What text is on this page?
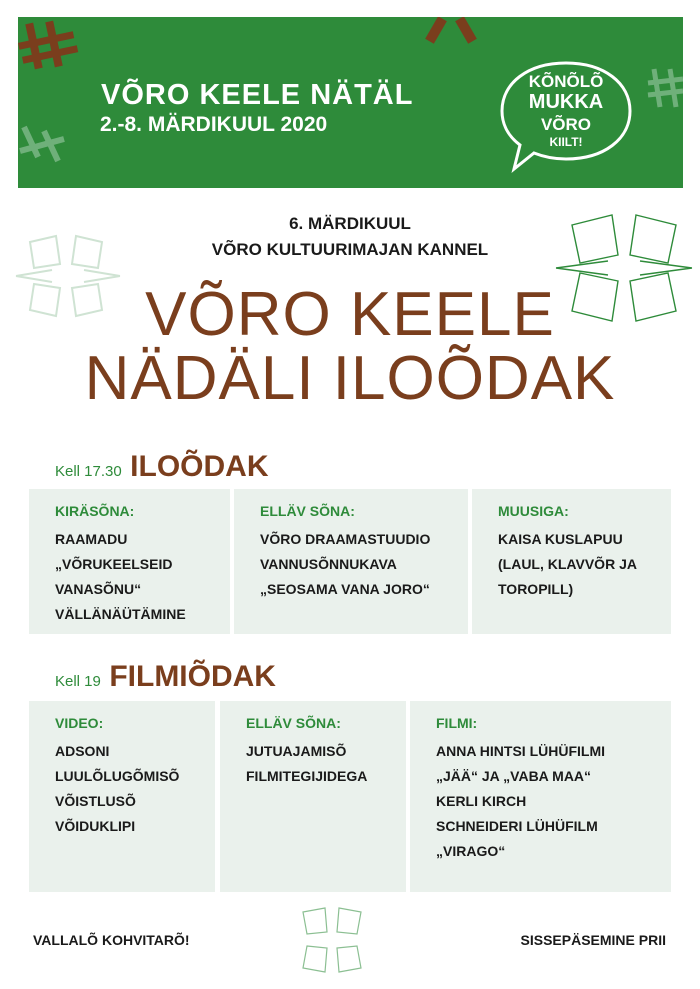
VÕRO KEELE NÄTÄL
2.-8. MÄRDIKUUL 2020
KÕNÕLÕ
MUKKA
VÕRO
KIILT!
6. MÄRDIKUUL
VÕRO KULTUURIMAJAN KANNEL
VÕRO KEELE
NÄDÄLI ILOÕDAK
Kell 17.30 ILOÕDAK
KIRÄSÕNA:
RAAMADU
„VÕRUKEELSEID
VANASÕNU“
VÄLLÄNÄÜTÄMINE
ELLÄV SÕNA:
VÕRO DRAAMASTUUDIO
VANNUSÕNNUKAVA
„SEOSAMA VANA JORO“
MUUSIGA:
KAISA KUSLAPUU
(LAUL, KLAVVÕR JA
TOROPILL)
Kell 19 FILMIÕDAK
VIDEO:
ADSONI
LUULÕLUGÕMISÕ
VÕISTLUSÕ
VÕIDUKLIPI
ELLÄV SÕNA:
JUTUAJAMISÕ
FILMITEGIJIDEGA
FILMI:
ANNA HINTSI LÜHÜFILMI
„JÄÄ“ JA „VABA MAA“
KERLI KIRCH
SCHNEIDERI LÜHÜFILM
„VIRAGO“
VALLALÕ KOHVITARÕ!	SISSEPÄSEMINE PRII
